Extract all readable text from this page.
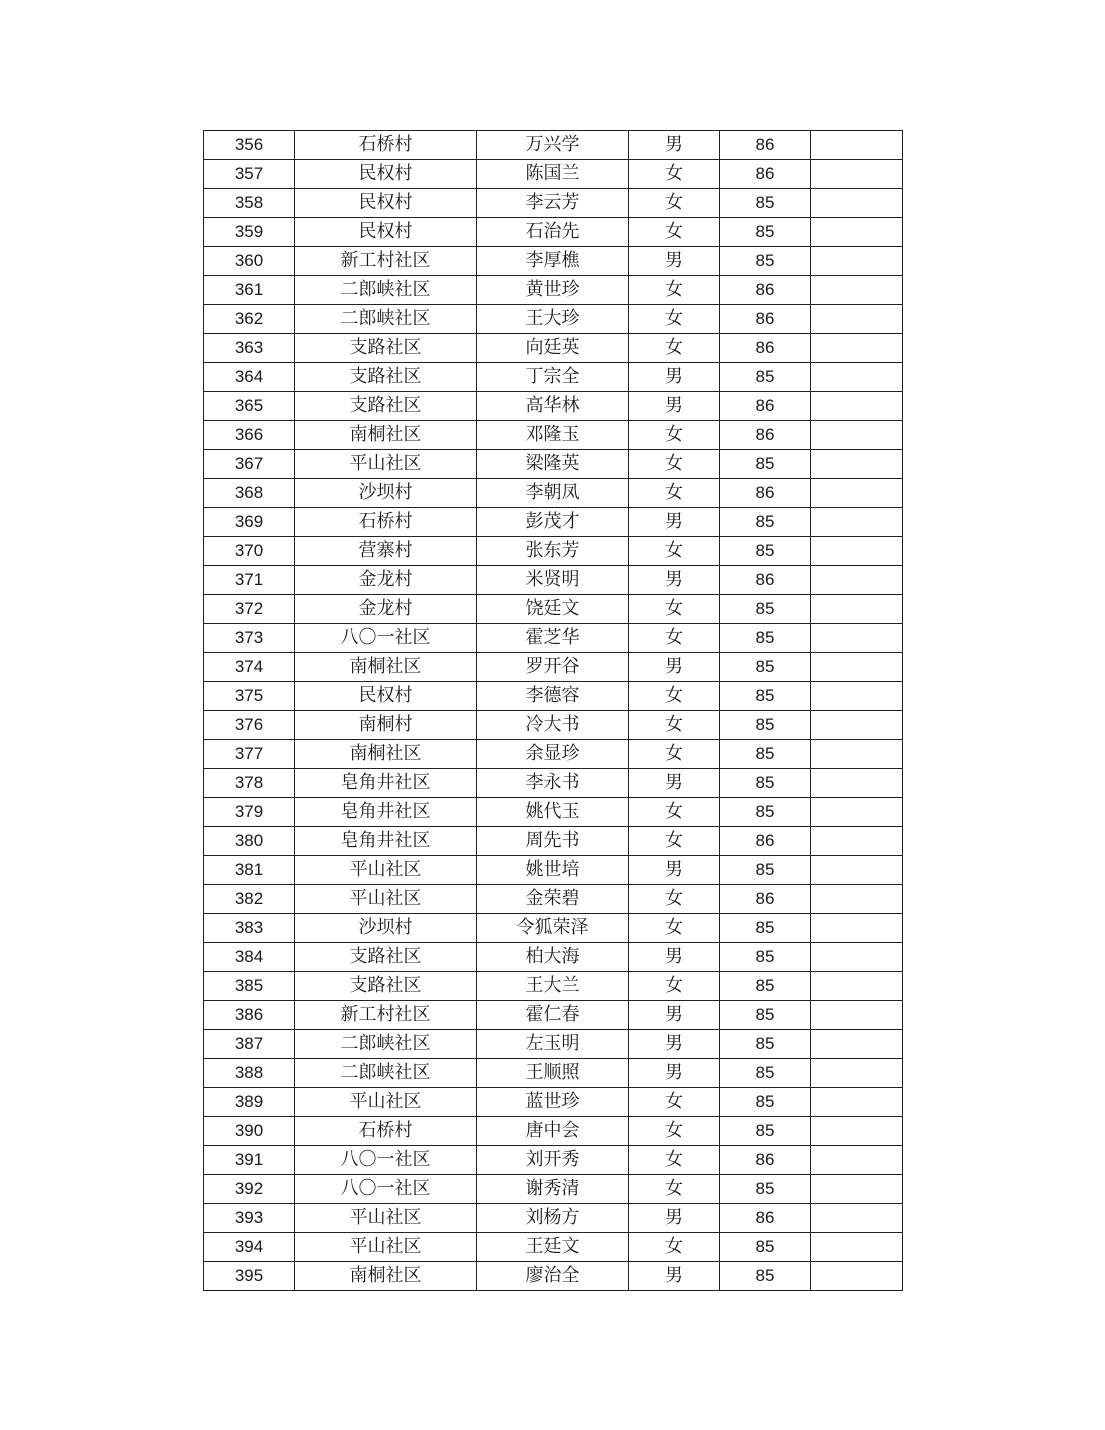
356	石桥村	万兴学	男	86	
357	民权村	陈国兰	女	86	
358	民权村	李云芳	女	85	
359	民权村	石治先	女	85	
360	新工村社区	李厚樵	男	85	
361	二郎峡社区	黄世珍	女	86	
362	二郎峡社区	王大珍	女	86	
363	支路社区	向廷英	女	86	
364	支路社区	丁宗全	男	85	
365	支路社区	高华林	男	86	
366	南桐社区	邓隆玉	女	86	
367	平山社区	梁隆英	女	85	
368	沙坝村	李朝凤	女	86	
369	石桥村	彭茂才	男	85	
370	营寨村	张东芳	女	85	
371	金龙村	米贤明	男	86	
372	金龙村	饶廷文	女	85	
373	八〇一社区	霍芝华	女	85	
374	南桐社区	罗开谷	男	85	
375	民权村	李德容	女	85	
376	南桐村	冷大书	女	85	
377	南桐社区	余显珍	女	85	
378	皂角井社区	李永书	男	85	
379	皂角井社区	姚代玉	女	85	
380	皂角井社区	周先书	女	86	
381	平山社区	姚世培	男	85	
382	平山社区	金荣碧	女	86	
383	沙坝村	令狐荣泽	女	85	
384	支路社区	柏大海	男	85	
385	支路社区	王大兰	女	85	
386	新工村社区	霍仁春	男	85	
387	二郎峡社区	左玉明	男	85	
388	二郎峡社区	王顺照	男	85	
389	平山社区	蓝世珍	女	85	
390	石桥村	唐中会	女	85	
391	八〇一社区	刘开秀	女	86	
392	八〇一社区	谢秀清	女	85	
393	平山社区	刘杨方	男	86	
394	平山社区	王廷文	女	85	
395	南桐社区	廖治全	男	85	
